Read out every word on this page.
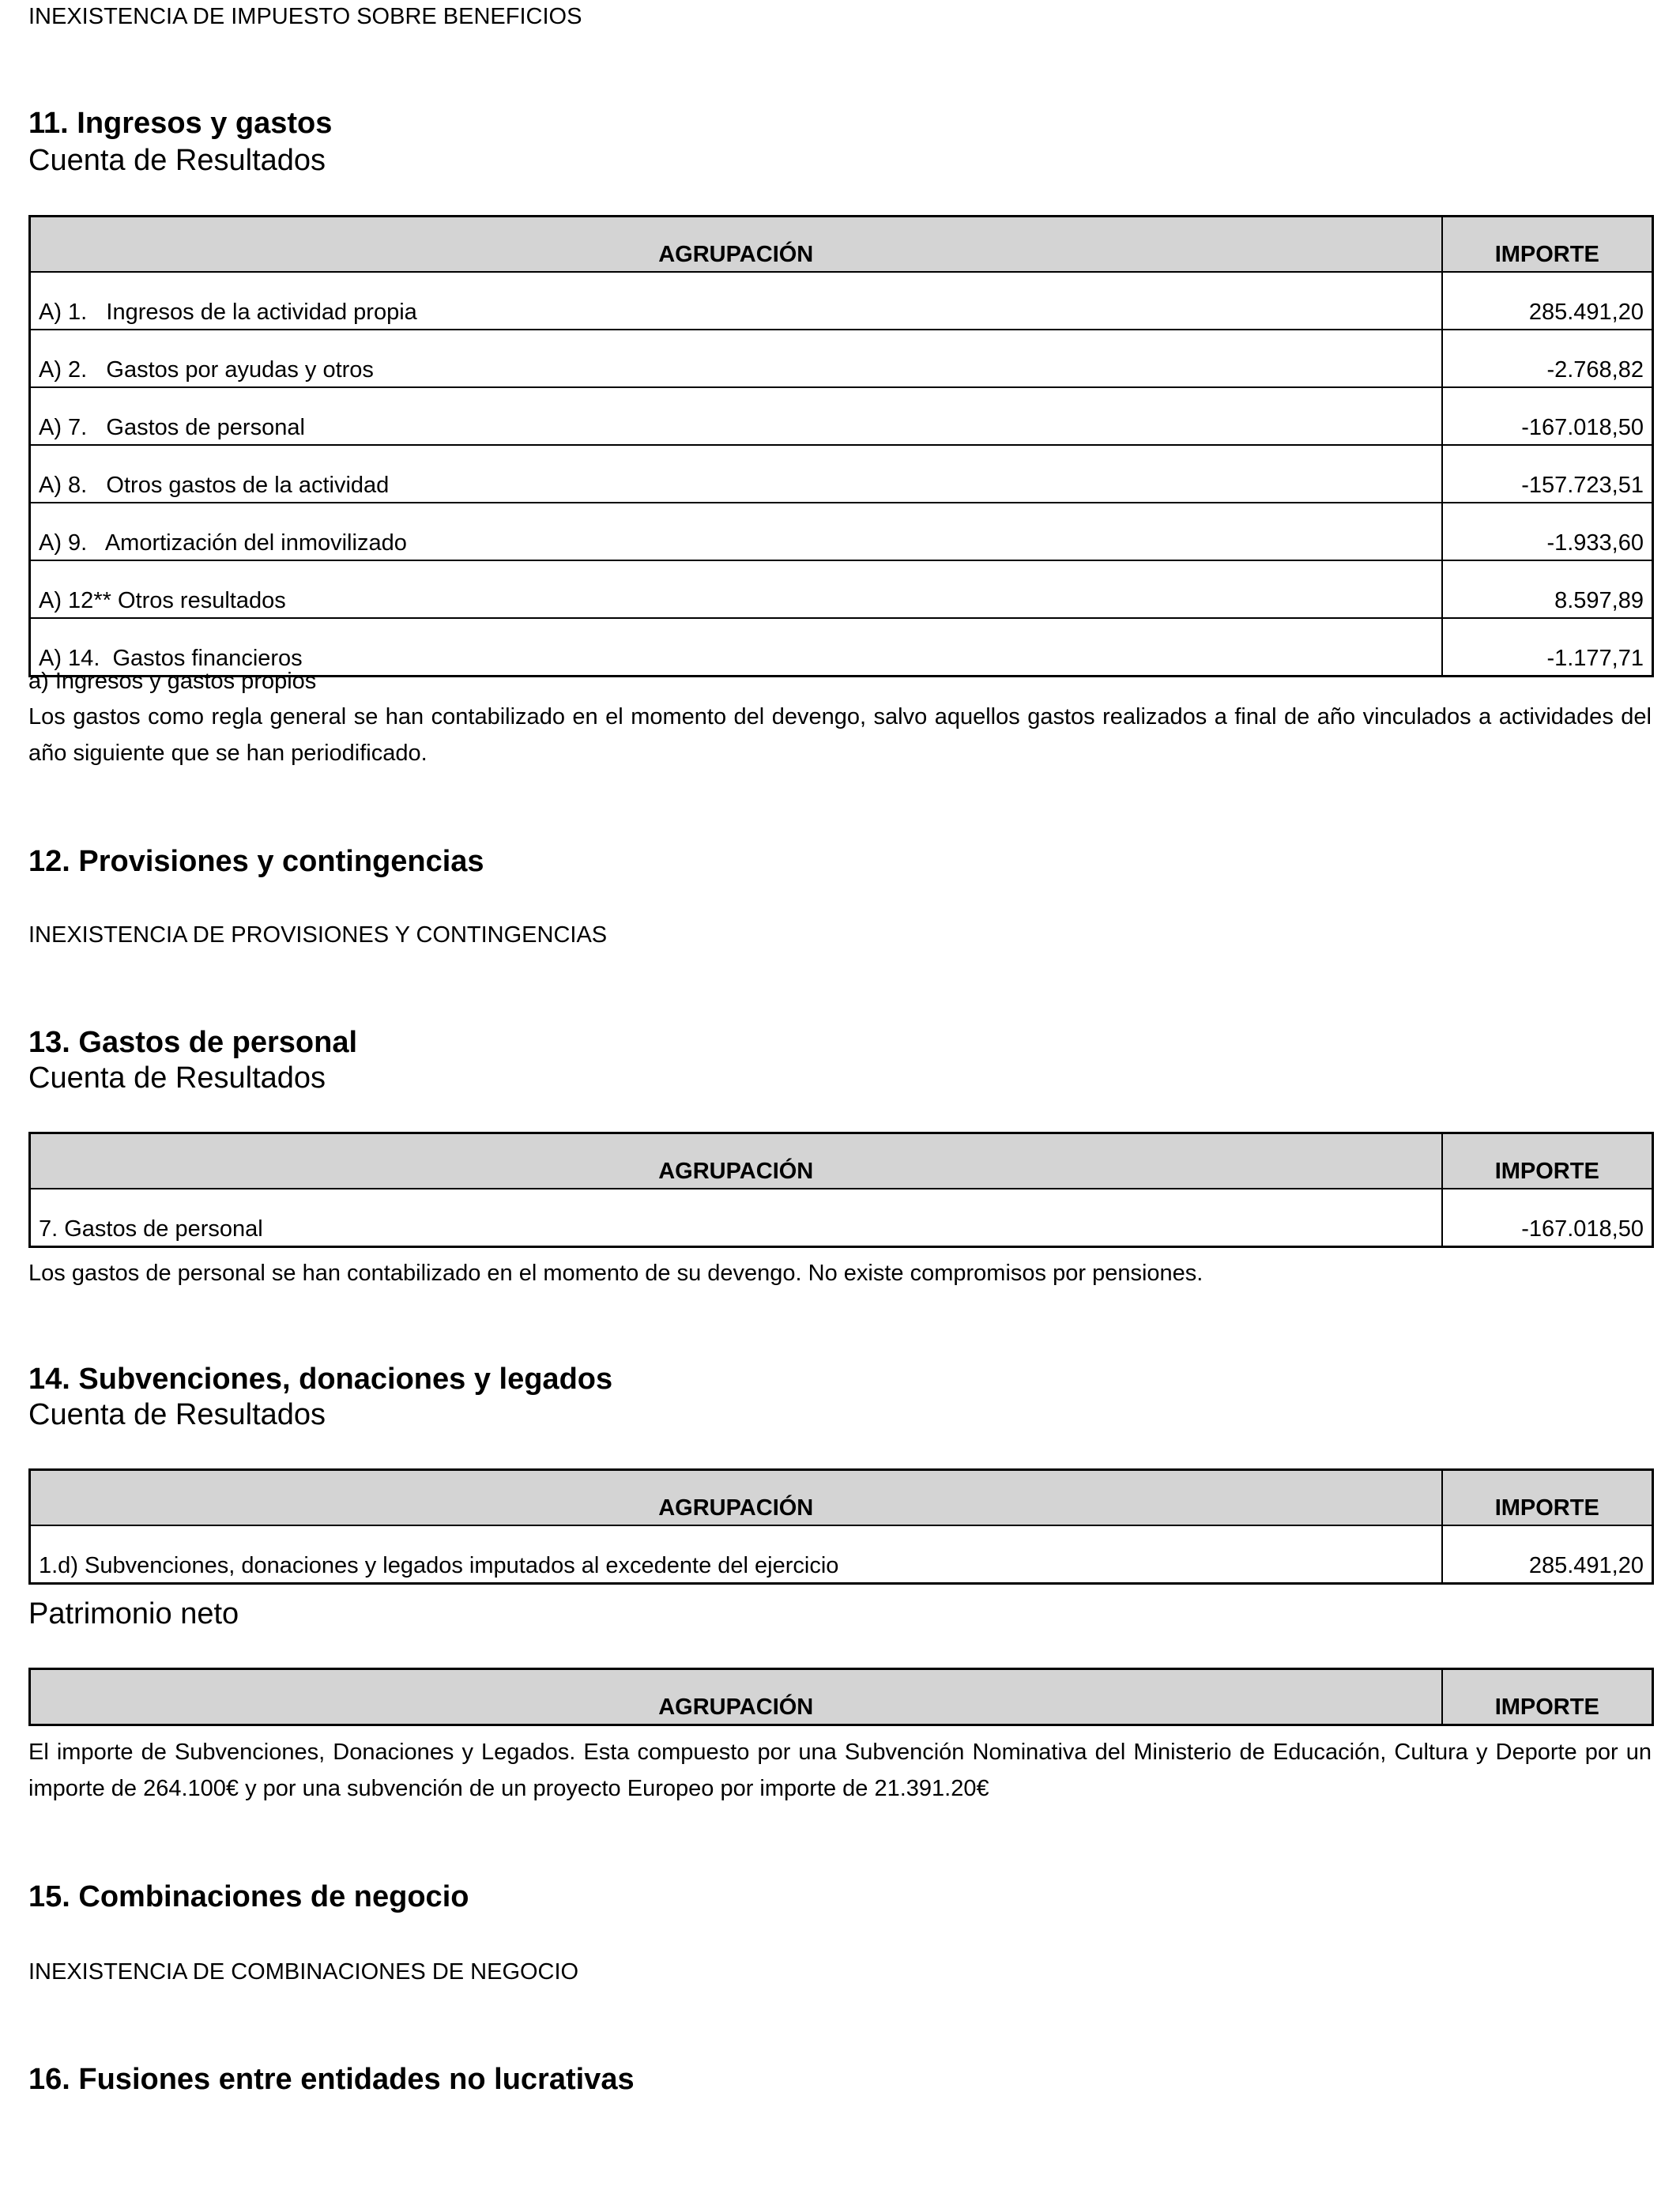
INEXISTENCIA DE IMPUESTO SOBRE BENEFICIOS
11. Ingresos y gastos
Cuenta de Resultados
AGRUPACIÓN	IMPORTE
A) 1. Ingresos de la actividad propia	285.491,20
A) 2. Gastos por ayudas y otros	-2.768,82
A) 7. Gastos de personal	-167.018,50
A) 8. Otros gastos de la actividad	-157.723,51
A) 9. Amortización del inmovilizado	-1.933,60
A) 12** Otros resultados	8.597,89
A) 14. Gastos financieros	-1.177,71
a) Ingresos y gastos propios
Los gastos como regla general se han contabilizado en el momento del devengo, salvo aquellos gastos realizados a final de año vinculados a actividades del año siguiente que se han periodificado.
12. Provisiones y contingencias
INEXISTENCIA DE PROVISIONES Y CONTINGENCIAS
13. Gastos de personal
Cuenta de Resultados
AGRUPACIÓN	IMPORTE
7. Gastos de personal	-167.018,50
Los gastos de personal se han contabilizado en el momento de su devengo. No existe compromisos por pensiones.
14. Subvenciones, donaciones y legados
Cuenta de Resultados
AGRUPACIÓN	IMPORTE
1.d) Subvenciones, donaciones y legados imputados al excedente del ejercicio	285.491,20
Patrimonio neto
AGRUPACIÓN	IMPORTE
El importe de Subvenciones, Donaciones y Legados. Esta compuesto por una Subvención Nominativa del Ministerio de Educación, Cultura y Deporte por un importe de 264.100€ y por una subvención de un proyecto Europeo por importe de 21.391.20€
15. Combinaciones de negocio
INEXISTENCIA DE COMBINACIONES DE NEGOCIO
16. Fusiones entre entidades no lucrativas
